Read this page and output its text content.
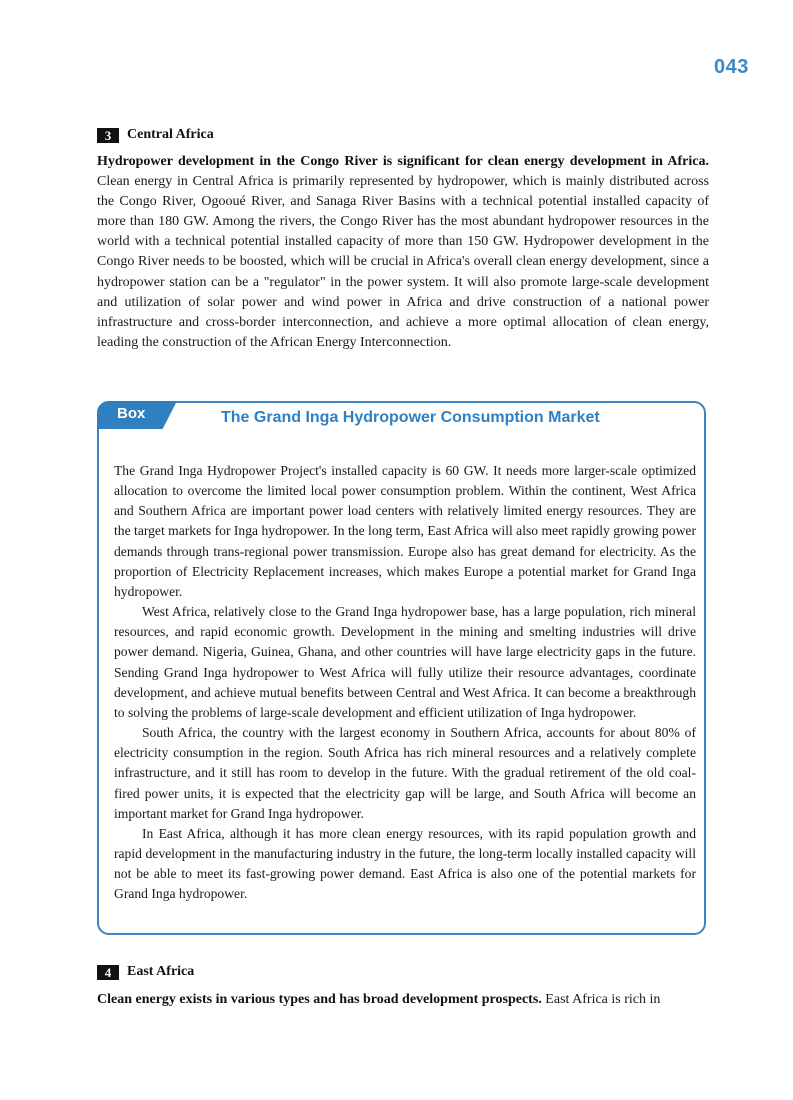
043
3	Central Africa

Hydropower development in the Congo River is significant for clean energy development in Africa. Clean energy in Central Africa is primarily represented by hydropower, which is mainly distributed across the Congo River, Ogooué River, and Sanaga River Basins with a technical potential installed capacity of more than 180 GW. Among the rivers, the Congo River has the most abundant hydropower resources in the world with a technical potential installed capacity of more than 150 GW. Hydropower development in the Congo River needs to be boosted, which will be crucial in Africa's overall clean energy development, since a hydropower station can be a "regulator" in the power system. It will also promote large-scale development and utilization of solar power and wind power in Africa and drive construction of a national power infrastructure and cross-border interconnection, and achieve a more optimal allocation of clean energy, leading the construction of the African Energy Interconnection.

Box	The Grand Inga Hydropower Consumption Market

The Grand Inga Hydropower Project's installed capacity is 60 GW. It needs more larger-scale optimized allocation to overcome the limited local power consumption problem. Within the continent, West Africa and Southern Africa are important power load centers with relatively limited energy resources. They are the target markets for Inga hydropower. In the long term, East Africa will also meet rapidly growing power demands through trans-regional power transmission. Europe also has great demand for electricity. As the proportion of Electricity Replacement increases, which makes Europe a potential market for Grand Inga hydropower.

West Africa, relatively close to the Grand Inga hydropower base, has a large population, rich mineral resources, and rapid economic growth. Development in the mining and smelting industries will drive power demand. Nigeria, Guinea, Ghana, and other countries will have large electricity gaps in the future. Sending Grand Inga hydropower to West Africa will fully utilize their resource advantages, coordinate development, and achieve mutual benefits between Central and West Africa. It can become a breakthrough to solving the problems of large-scale development and efficient utilization of Inga hydropower.

South Africa, the country with the largest economy in Southern Africa, accounts for about 80% of electricity consumption in the region. South Africa has rich mineral resources and a relatively complete infrastructure, and it still has room to develop in the future. With the gradual retirement of the old coal-fired power units, it is expected that the electricity gap will be large, and South Africa will become an important market for Grand Inga hydropower.

In East Africa, although it has more clean energy resources, with its rapid population growth and rapid development in the manufacturing industry in the future, the long-term locally installed capacity will not be able to meet its fast-growing power demand. East Africa is also one of the potential markets for Grand Inga hydropower.

4	East Africa

Clean energy exists in various types and has broad development prospects. East Africa is rich in
